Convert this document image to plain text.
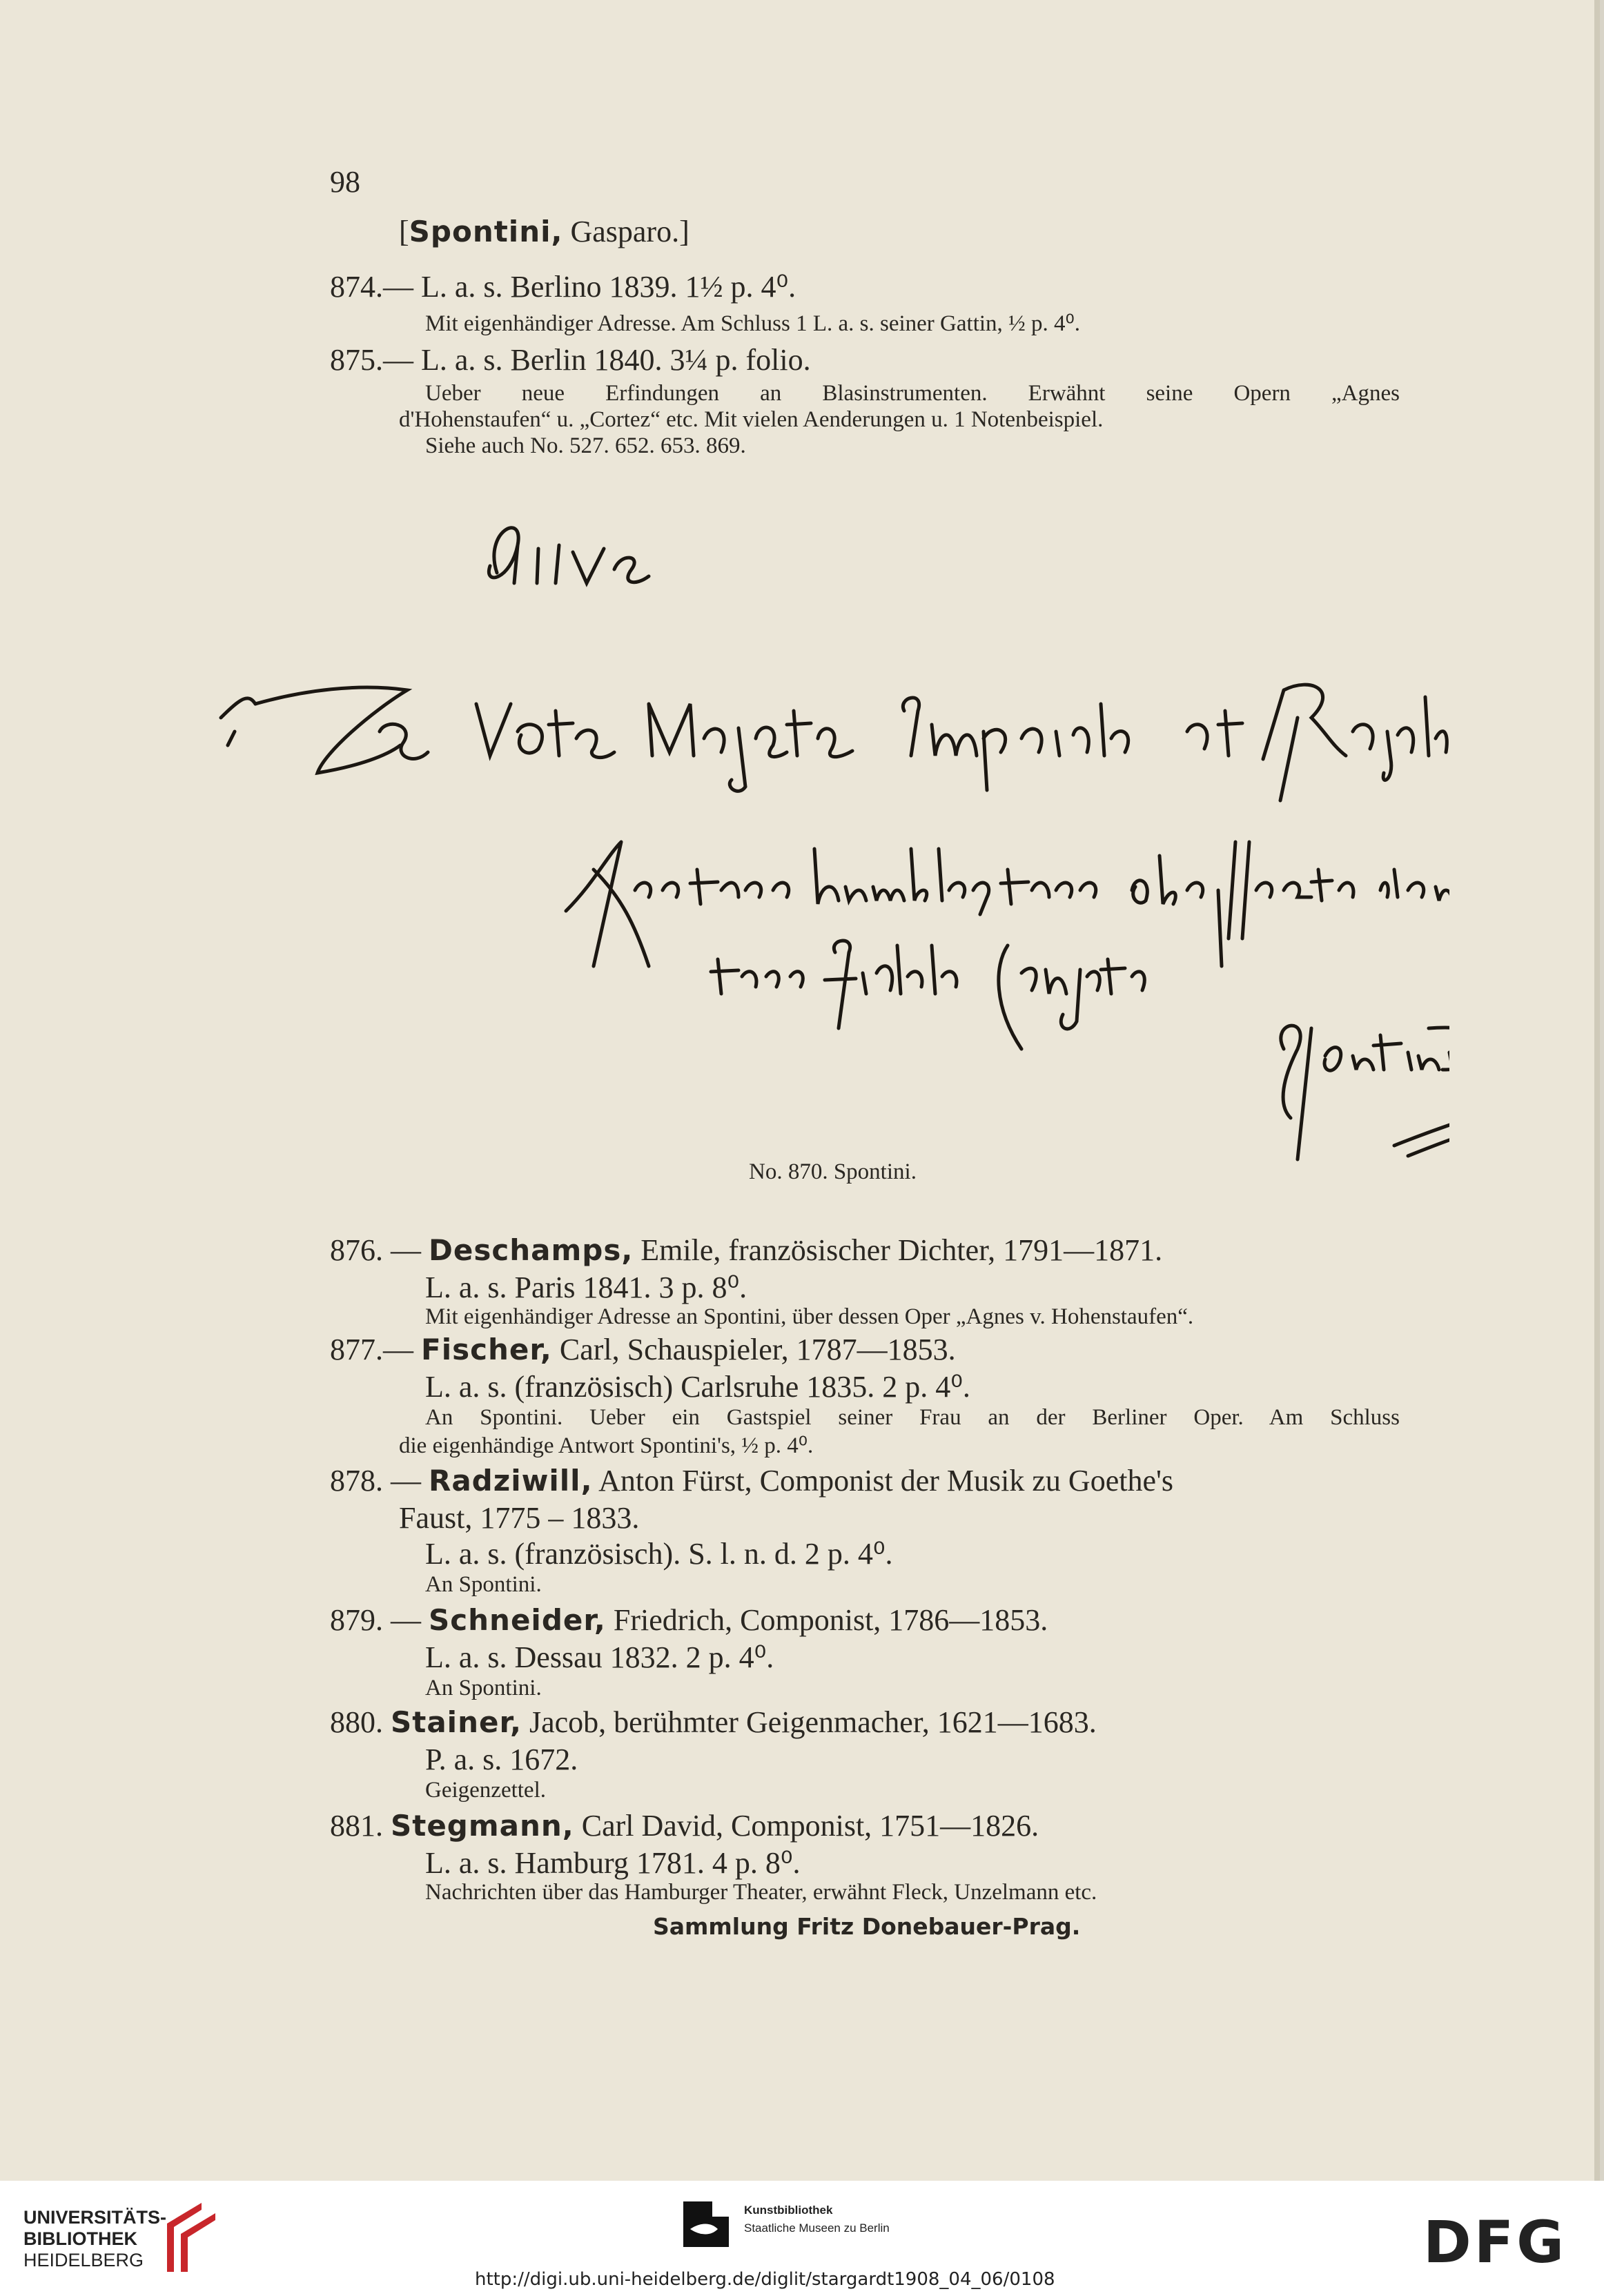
98
[Spontini, Gasparo.]
874.— L. a. s. Berlino 1839. 1½ p. 4⁰.
Mit eigenhändiger Adresse. Am Schluss 1 L. a. s. seiner Gattin, ½ p. 4⁰.
875.— L. a. s. Berlin 1840. 3¼ p. folio.
Ueber neue Erfindungen an Blasinstrumenten. Erwähnt seine Opern „Agnes
d'Hohenstaufen“ u. „Cortez“ etc. Mit vielen Aenderungen u. 1 Notenbeispiel.
Siehe auch No. 527. 652. 653. 869.
No. 870. Spontini.
876. — Deschamps, Emile, französischer Dichter, 1791—1871.
L. a. s. Paris 1841. 3 p. 8⁰.
Mit eigenhändiger Adresse an Spontini, über dessen Oper „Agnes v. Hohenstaufen“.
877.— Fischer, Carl, Schauspieler, 1787—1853.
L. a. s. (französisch) Carlsruhe 1835. 2 p. 4⁰.
An Spontini. Ueber ein Gastspiel seiner Frau an der Berliner Oper. Am Schluss
die eigenhändige Antwort Spontini's, ½ p. 4⁰.
878. — Radziwill, Anton Fürst, Componist der Musik zu Goethe's
Faust, 1775 – 1833.
L. a. s. (französisch). S. l. n. d. 2 p. 4⁰.
An Spontini.
879. — Schneider, Friedrich, Componist, 1786—1853.
L. a. s. Dessau 1832. 2 p. 4⁰.
An Spontini.
880. Stainer, Jacob, berühmter Geigenmacher, 1621—1683.
P. a. s. 1672.
Geigenzettel.
881. Stegmann, Carl David, Componist, 1751—1826.
L. a. s. Hamburg 1781. 4 p. 8⁰.
Nachrichten über das Hamburger Theater, erwähnt Fleck, Unzelmann etc.
Sammlung Fritz Donebauer-Prag.
UNIVERSITÄTS-
BIBLIOTHEK
HEIDELBERG
Kunstbibliothek
Staatliche Museen zu Berlin	DFG
http://digi.ub.uni-heidelberg.de/diglit/stargardt1908_04_06/0108
